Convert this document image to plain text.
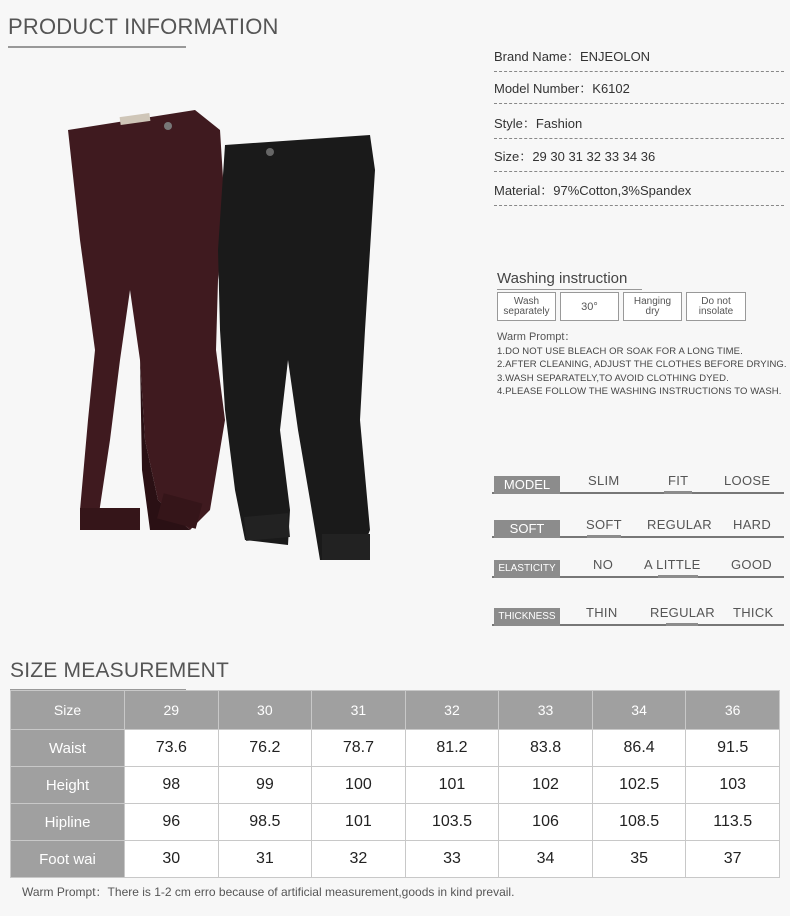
PRODUCT INFORMATION
Brand Name：ENJEOLON
Model Number：K6102
Style：Fashion
Size：29 30 31 32 33 34 36
Material：97%Cotton,3%Spandex
Washing instruction
Wash
separately	30°	Hanging
dry
Do not
insolate
Warm Prompt：
1.DO NOT USE BLEACH OR SOAK FOR A LONG TIME.
2.AFTER CLEANING, ADJUST THE CLOTHES BEFORE DRYING.
3.WASH SEPARATELY,TO AVOID CLOTHING DYED.
4.PLEASE FOLLOW THE WASHING INSTRUCTIONS TO WASH.
MODEL	SLIM	FIT	LOOSE
SOFT	SOFT REGULAR HARD
ELASTICITY	NO A LITTLE GOOD
THICKNESS	THIN REGULAR THICK
SIZE MEASUREMENT
Size	29	30	31	32	33	34	36
Waist	73.6	76.2	78.7	81.2	83.8	86.4	91.5
Height	98	99	100	101	102	102.5	103
Hipline	96	98.5	101	103.5	106	108.5	113.5
Foot wai	30	31	32	33	34	35	37
Warm Prompt：There is 1-2 cm erro because of artificial measurement,goods in kind prevail.
